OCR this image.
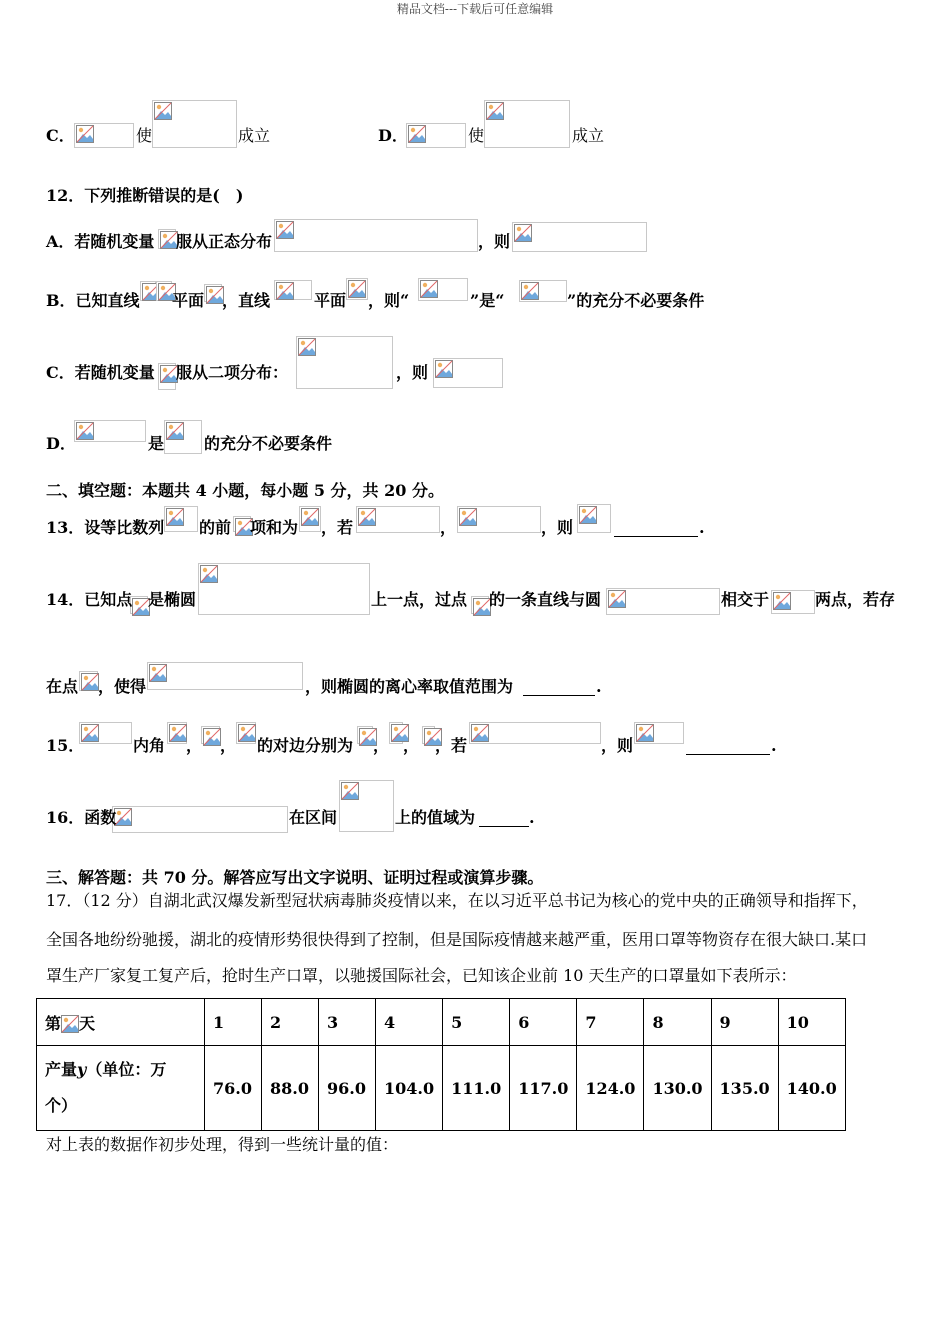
精品文档---下载后可任意编辑
C．	使	成立	D．	使	成立
12．下列推断错误的是(　)
A．若随机变量 服从正态分布	，则
B．已知直线 平面 ，直线	平面 ，则“	”是“	”的充分不必要条件
C．若随机变量 服从二项分布：	，则
D．	是 的充分不必要条件
二、填空题：本题共 4 小题，每小题 5 分，共 20 分。
13．设等比数列 的前 项和为 ，若	，	，则	.
14．已知点 是椭圆	上一点，过点 的一条直线与圆	相交于	两点，若存
在点 ，使得	，则椭圆的离心率取值范围为	.
15．	内角 ， ， 的对边分别为 ， ， ，若	，则	.
16．函数	在区间	上的值域为	.
三、解答题：共 70 分。解答应写出文字说明、证明过程或演算步骤。
17．（12 分）自湖北武汉爆发新型冠状病毒肺炎疫情以来，在以习近平总书记为核心的党中央的正确领导和指挥下，
全国各地纷纷驰援，湖北的疫情形势很快得到了控制，但是国际疫情越来越严重，医用口罩等物资存在很大缺口.某口
罩生产厂家复工复产后，抢时生产口罩，以驰援国际社会，已知该企业前 10 天生产的口罩量如下表所示：
第 天	1	2	3	4	5	6	7	8	9	10

产量y（单位：万
个）	76.0	88.0	96.0	104.0	111.0	117.0	124.0	130.0	135.0	140.0
对上表的数据作初步处理，得到一些统计量的值：
